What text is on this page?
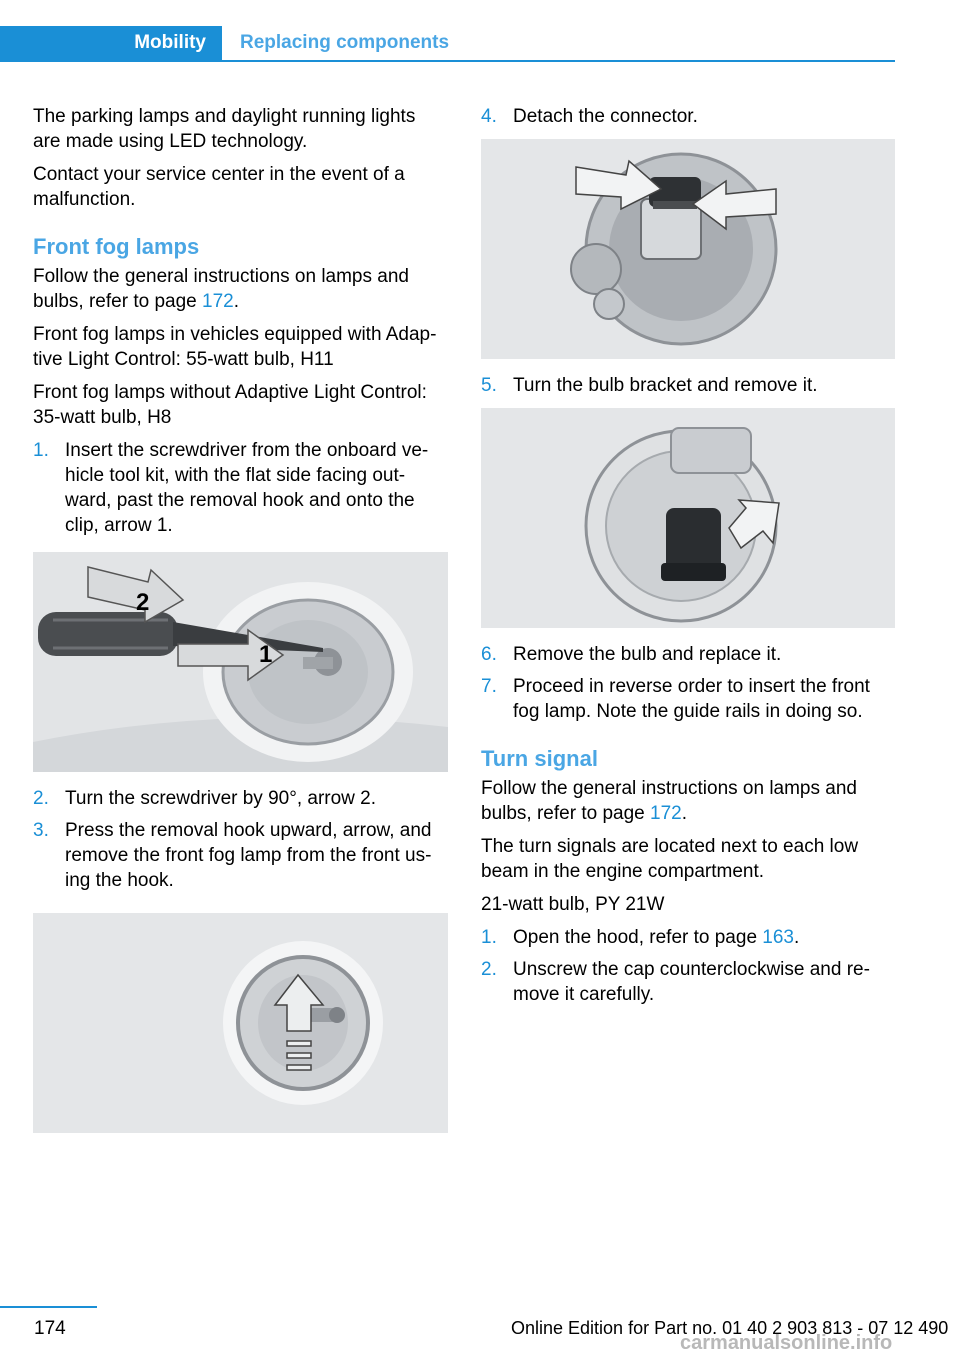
Mobility	Replacing components

The parking lamps and daylight running lights are made using LED technology.

Contact your service center in the event of a malfunction.

Front fog lamps

Follow the general instructions on lamps and bulbs, refer to page 172.

Front fog lamps in vehicles equipped with Adap‐tive Light Control: 55‑watt bulb, H11

Front fog lamps without Adaptive Light Control: 35‑watt bulb, H8

1. Insert the screwdriver from the onboard ve‐hicle tool kit, with the flat side facing out‐ward, past the removal hook and onto the clip, arrow 1.
2
1
2. Turn the screwdriver by 90°, arrow 2.
3. Press the removal hook upward, arrow, and remove the front fog lamp from the front us‐ing the hook.
4. Detach the connector.
5. Turn the bulb bracket and remove it.
6. Remove the bulb and replace it.
7. Proceed in reverse order to insert the front fog lamp. Note the guide rails in doing so.
Turn signal

Follow the general instructions on lamps and bulbs, refer to page 172.

The turn signals are located next to each low beam in the engine compartment.

21-watt bulb, PY 21W

1. Open the hood, refer to page 163.
2. Unscrew the cap counterclockwise and re‐move it carefully.
174	Online Edition for Part no. 01 40 2 903 813 - 07 12 490
carmanualsonline.info
